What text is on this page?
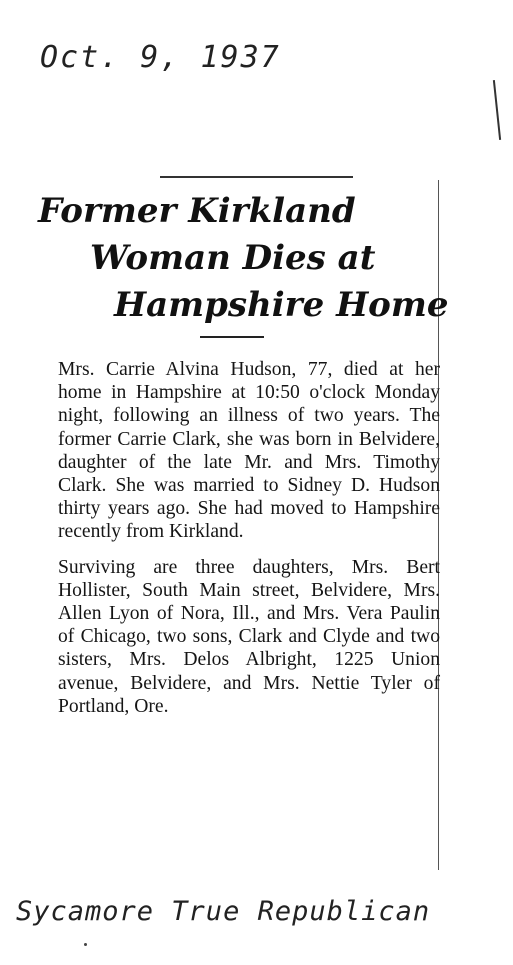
Oct. 9, 1937
Former Kirkland
Woman Dies at
Hampshire Home

Mrs. Carrie Alvina Hudson, 77, died at her home in Hampshire at 10:50 o'clock Monday night, following an illness of two years. The former Carrie Clark, she was born in Belvidere, daughter of the late Mr. and Mrs. Timothy Clark. She was married to Sidney D. Hudson thirty years ago. She had moved to Hampshire recently from Kirkland.

Surviving are three daughters, Mrs. Bert Hollister, South Main street, Belvidere, Mrs. Allen Lyon of Nora, Ill., and Mrs. Vera Paulin of Chicago, two sons, Clark and Clyde and two sisters, Mrs. Delos Albright, 1225 Union avenue, Belvidere, and Mrs. Nettie Tyler of Portland, Ore.

Sycamore True Republican
